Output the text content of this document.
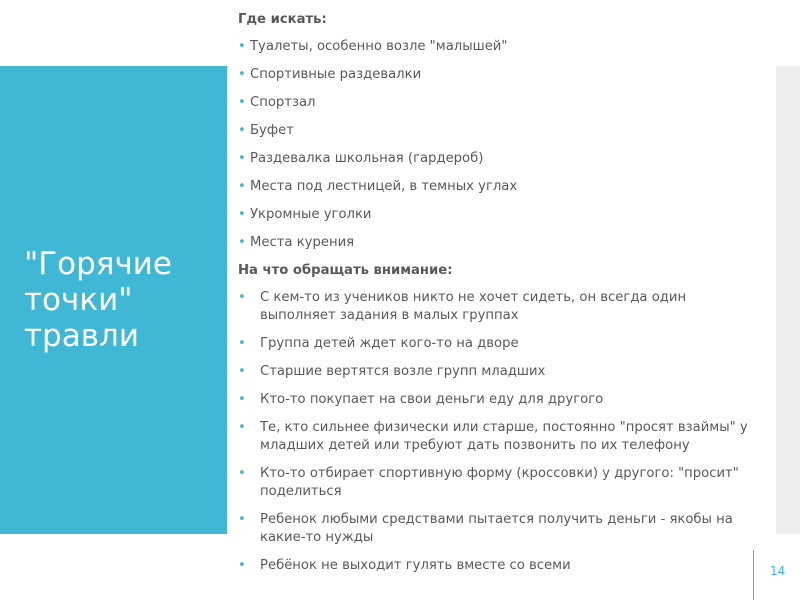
"Горячие точки" травли
14
Где искать:
• Туалеты, особенно возле "малышей"
• Спортивные раздевалки
• Спортзал
• Буфет
• Раздевалка школьная (гардероб)
• Места под лестницей, в темных углах
• Укромные уголки
• Места курения
На что обращать внимание:
• С кем-то из учеников никто не хочет сидеть, он всегда один выполняет задания в малых группах
• Группа детей ждет кого-то на дворе
• Старшие вертятся возле групп младших
• Кто-то покупает на свои деньги еду для другого
• Те, кто сильнее физически или старше, постоянно "просят взаймы" у младших детей или требуют дать позвонить по их телефону
• Кто-то отбирает спортивную форму (кроссовки) у другого: "просит" поделиться
• Ребенок любыми средствами пытается получить деньги - якобы на какие-то нужды
• Ребёнок не выходит гулять вместе со всеми
